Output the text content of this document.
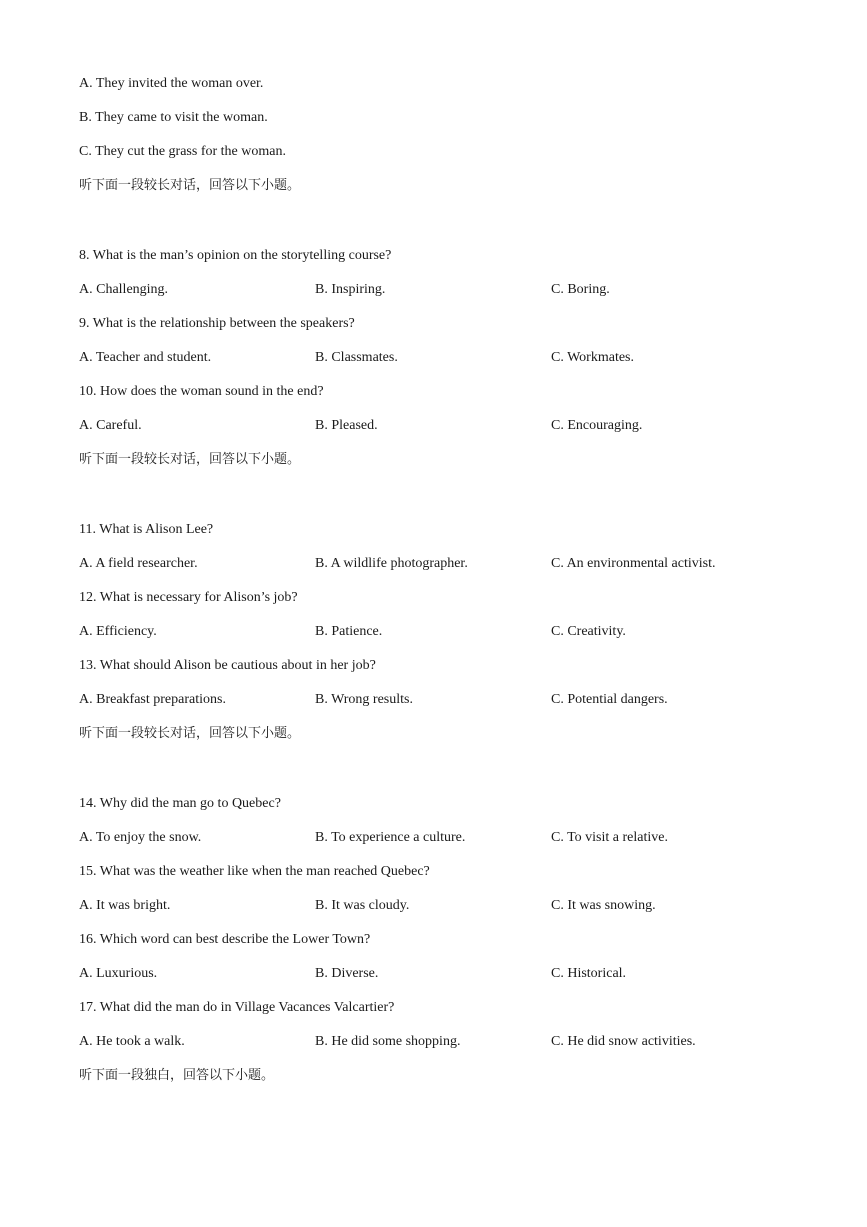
A. They invited the woman over.
B. They came to visit the woman.
C. They cut the grass for the woman.
听下面一段较长对话，回答以下小题。
8. What is the man’s opinion on the storytelling course?
A. Challenging.	B. Inspiring.	C. Boring.
9. What is the relationship between the speakers?
A. Teacher and student.	B. Classmates.	C. Workmates.
10. How does the woman sound in the end?
A. Careful.	B. Pleased.	C. Encouraging.
听下面一段较长对话，回答以下小题。
11. What is Alison Lee?
A. A field researcher.	B. A wildlife photographer.	C. An environmental activist.
12. What is necessary for Alison’s job?
A. Efficiency.	B. Patience.	C. Creativity.
13. What should Alison be cautious about in her job?
A. Breakfast preparations.	B. Wrong results.	C. Potential dangers.
听下面一段较长对话，回答以下小题。
14. Why did the man go to Quebec?
A. To enjoy the snow.	B. To experience a culture.	C. To visit a relative.
15. What was the weather like when the man reached Quebec?
A. It was bright.	B. It was cloudy.	C. It was snowing.
16. Which word can best describe the Lower Town?
A. Luxurious.	B. Diverse.	C. Historical.
17. What did the man do in Village Vacances Valcartier?
A. He took a walk.	B. He did some shopping.	C. He did snow activities.
听下面一段独白，回答以下小题。
